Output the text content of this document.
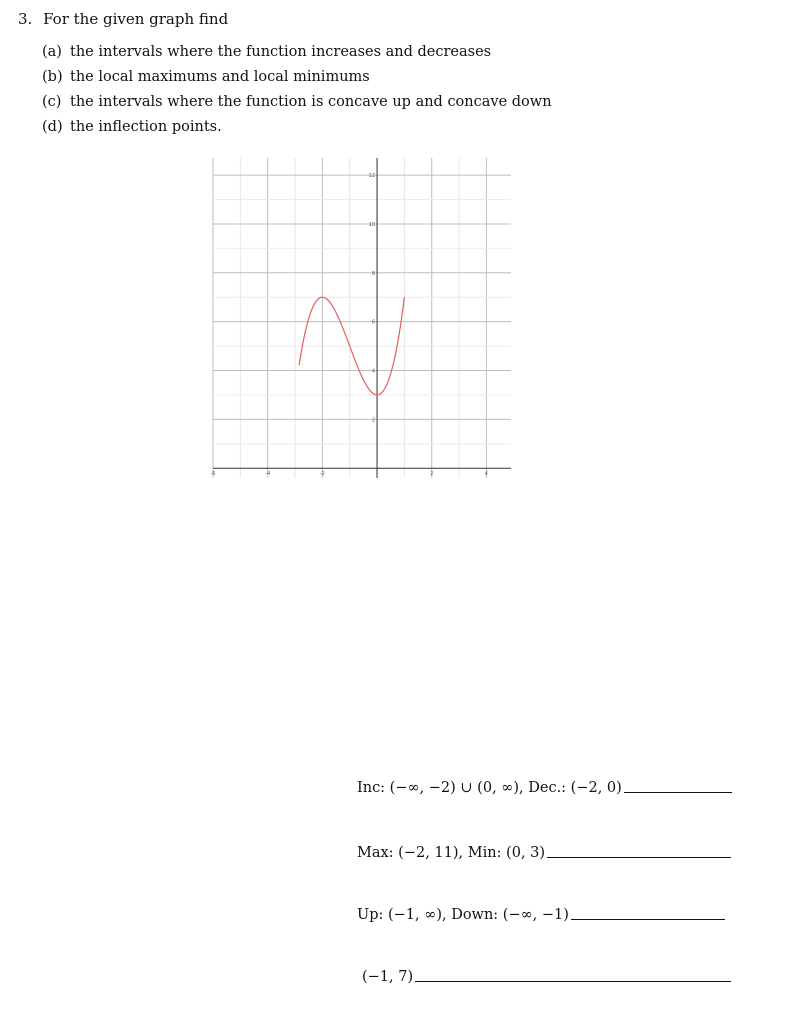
3. For the given graph find
(a) the intervals where the function increases and decreases
(b) the local maximums and local minimums
(c) the intervals where the function is concave up and concave down
(d) the inflection points.
-6	-4	-2	2	4
2
4
6
8
10
12
Inc: (−∞, −2) ∪ (0, ∞), Dec.: (−2, 0)
Max: (−2, 11), Min: (0, 3)
Up: (−1, ∞), Down: (−∞, −1)
(−1, 7)
